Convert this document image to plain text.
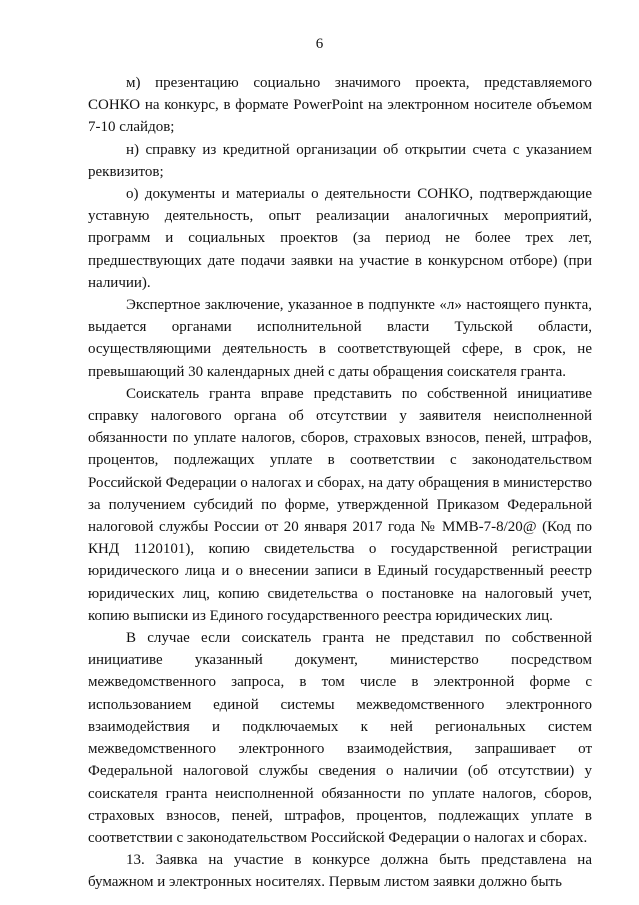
6

м) презентацию социально значимого проекта, представляемого СОНКО на конкурс, в формате PowerPoint на электронном носителе объемом 7-10 слайдов;

н) справку из кредитной организации об открытии счета с указанием реквизитов;

о) документы и материалы о деятельности СОНКО, подтверждающие уставную деятельность, опыт реализации аналогичных мероприятий, программ и социальных проектов (за период не более трех лет, предшествующих дате подачи заявки на участие в конкурсном отборе) (при наличии).

Экспертное заключение, указанное в подпункте «л» настоящего пункта, выдается органами исполнительной власти Тульской области, осуществляющими деятельность в соответствующей сфере, в срок, не превышающий 30 календарных дней с даты обращения соискателя гранта.

Соискатель гранта вправе представить по собственной инициативе справку налогового органа об отсутствии у заявителя неисполненной обязанности по уплате налогов, сборов, страховых взносов, пеней, штрафов, процентов, подлежащих уплате в соответствии с законодательством Российской Федерации о налогах и сборах, на дату обращения в министерство за получением субсидий по форме, утвержденной Приказом Федеральной налоговой службы России от 20 января 2017 года № ММВ-7-8/20@ (Код по КНД 1120101), копию свидетельства о государственной регистрации юридического лица и о внесении записи в Единый государственный реестр юридических лиц, копию свидетельства о постановке на налоговый учет, копию выписки из Единого государственного реестра юридических лиц.

В случае если соискатель гранта не представил по собственной инициативе указанный документ, министерство посредством межведомственного запроса, в том числе в электронной форме с использованием единой системы межведомственного электронного взаимодействия и подключаемых к ней региональных систем межведомственного электронного взаимодействия, запрашивает от Федеральной налоговой службы сведения о наличии (об отсутствии) у соискателя гранта неисполненной обязанности по уплате налогов, сборов, страховых взносов, пеней, штрафов, процентов, подлежащих уплате в соответствии с законодательством Российской Федерации о налогах и сборах.

13. Заявка на участие в конкурсе должна быть представлена на бумажном и электронных носителях. Первым листом заявки должно быть
